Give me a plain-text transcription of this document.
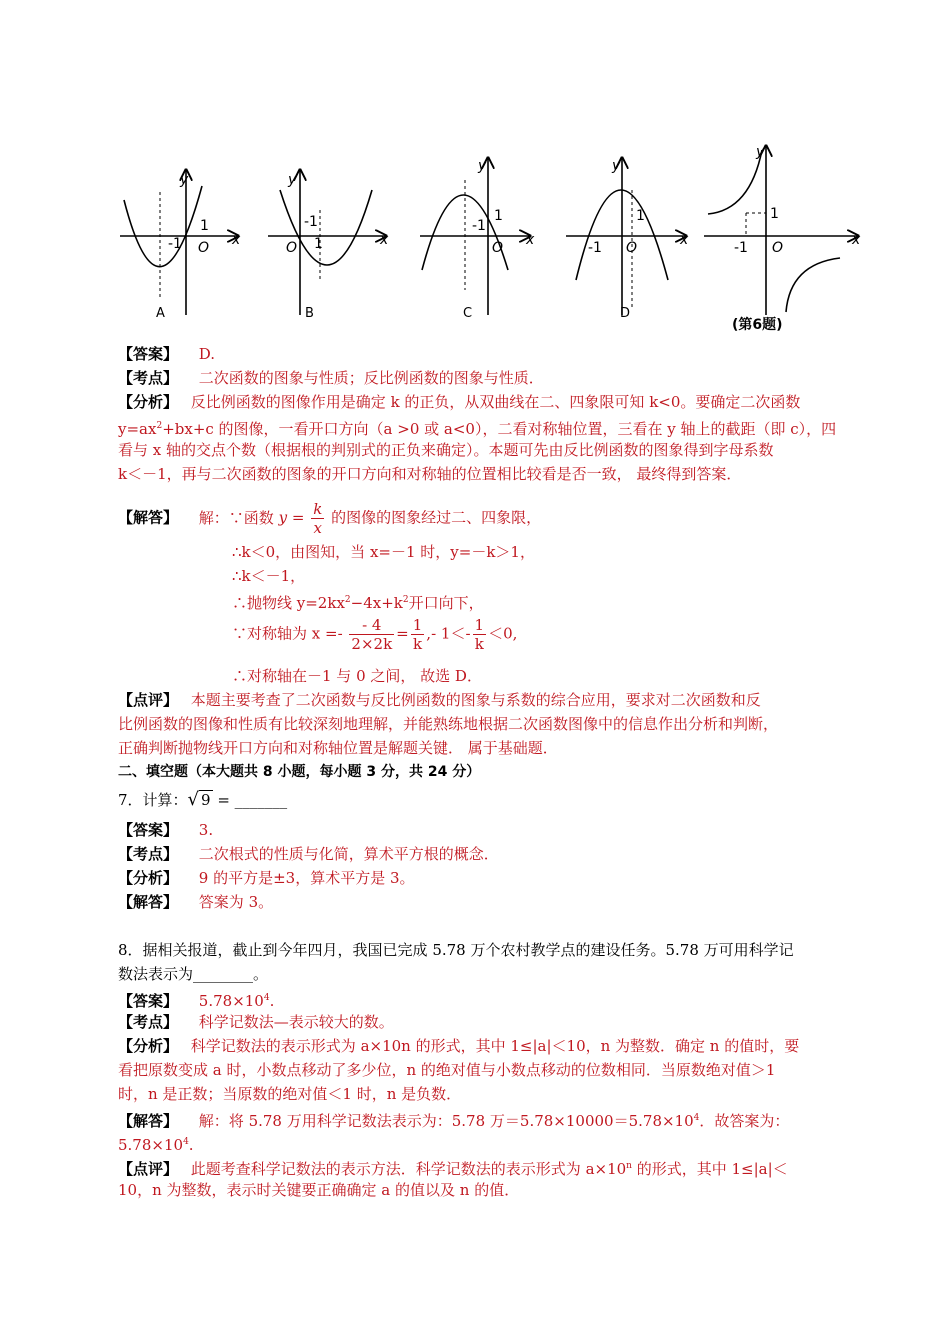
y
x
O
1
-1
y
x
O
-1
1
y
x
O
-1
1
y
x
O
-1
1
y
x
O
-1
1
A	B	C	D
(第6题)
【答案】 D.
【考点】 二次函数的图象与性质；反比例函数的图象与性质．
【分析】 反比例函数的图像作用是确定 k 的正负，从双曲线在二、四象限可知 k<0。要确定二次函数
$y=ax^2+bx+c$ 的图像，一看开口方向（a >0 或 a<0），二看对称轴位置，三看在 y 轴上的截距（即 c），四
看与 x 轴的交点个数（根据根的判别式的正负来确定）。本题可先由反比例函数的图象得到字母系数
k＜－1，再与二次函数的图象的开口方向和对称轴的位置相比较看是否一致， 最终得到答案．
【解答】 解：∵函数 $y = \frac{k}{x}$ 的图像的图象经过二、四象限，
∴k＜0，由图知，当 x=－1 时，y=－k＞1，
∴k＜－1，
∴抛物线 $y=2kx^2-4x+k^2$开口向下，
∵对称轴为 $x =- \frac{- 4}{2\times 2k} = \frac{1}{k}$ ,- $1<- \frac{1}{k} <0$,
∴对称轴在－1 与 0 之间， 故选 D．
【点评】 本题主要考查了二次函数与反比例函数的图象与系数的综合应用，要求对二次函数和反
比例函数的图像和性质有比较深刻地理解，并能熟练地根据二次函数图像中的信息作出分析和判断，
正确判断抛物线开口方向和对称轴位置是解题关键． 属于基础题．
二、填空题（本大题共 8 小题，每小题 3 分，共 24 分）
7．计算：√ 9 = _______
【答案】 3.
【考点】 二次根式的性质与化简，算术平方根的概念．
【分析】 9 的平方是±3，算术平方是 3。
【解答】 答案为 3。
8．据相关报道，截止到今年四月，我国已完成 5.78 万个农村教学点的建设任务。5.78 万可用科学记
数法表示为________。
【答案】 $5.78\times 10^4$.
【考点】 科学记数法—表示较大的数。
【分析】 科学记数法的表示形式为 a×10n 的形式，其中 1≤|a|＜10，n 为整数．确定 n 的值时，要
看把原数变成 a 时，小数点移动了多少位，n 的绝对值与小数点移动的位数相同．当原数绝对值＞1
时，n 是正数；当原数的绝对值＜1 时，n 是负数．
【解答】 解：将 5.78 万用科学记数法表示为：5.78 万$=5.78\times 10000=5.78\times 10^4$．故答案为：
$5.78\times 10^4$.
【点评】 此题考查科学记数法的表示方法．科学记数法的表示形式为 $a\times 10^n$ 的形式，其中 1≤|a|＜
10，n 为整数，表示时关键要正确确定 a 的值以及 n 的值．
